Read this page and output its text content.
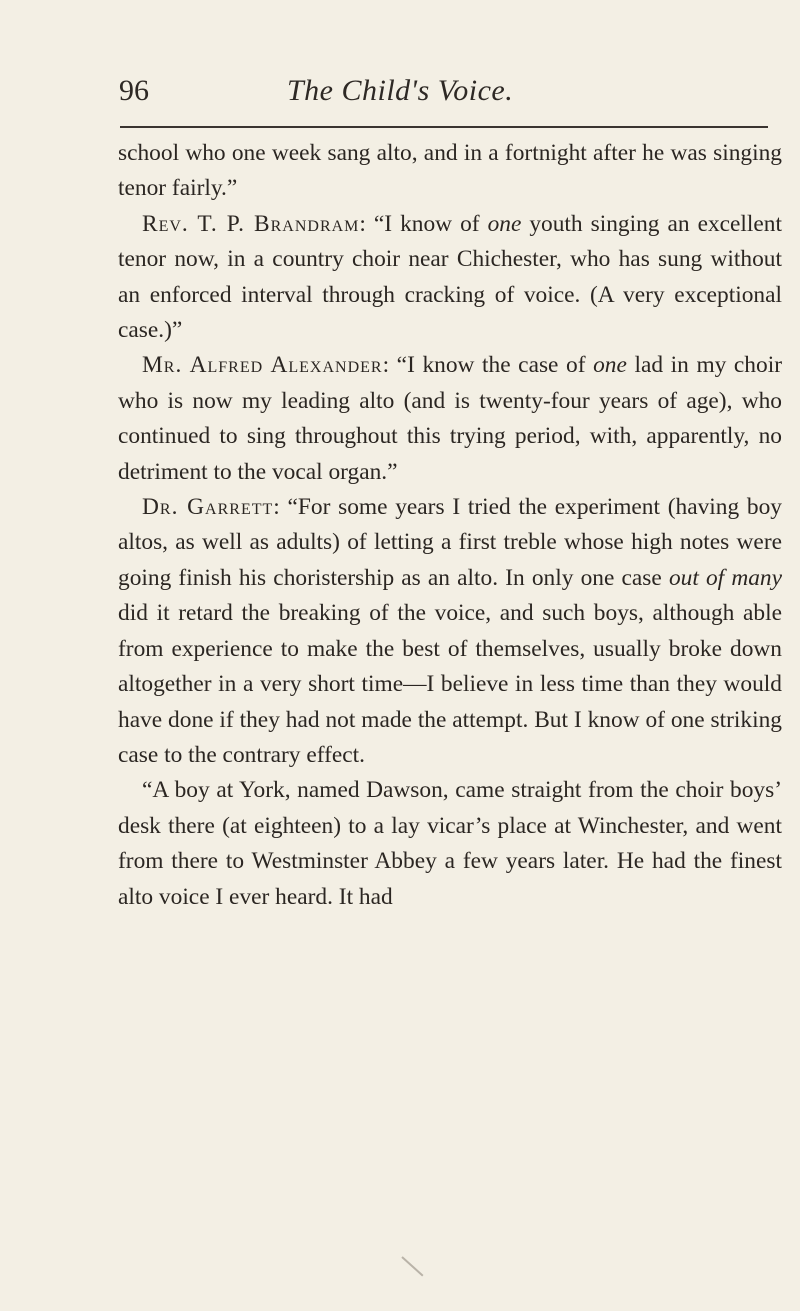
96	The Child's Voice.

school who one week sang alto, and in a fortnight after he was singing tenor fairly.”

Rev. T. P. Brandram: “I know of one youth singing an excellent tenor now, in a country choir near Chichester, who has sung without an enforced interval through cracking of voice. (A very exceptional case.)”

Mr. Alfred Alexander: “I know the case of one lad in my choir who is now my leading alto (and is twenty-four years of age), who continued to sing throughout this trying period, with, apparently, no detriment to the vocal organ.”

Dr. Garrett: “For some years I tried the experiment (having boy altos, as well as adults) of letting a first treble whose high notes were going finish his choristership as an alto. In only one case out of many did it retard the breaking of the voice, and such boys, although able from experience to make the best of themselves, usually broke down altogether in a very short time—I believe in less time than they would have done if they had not made the attempt. But I know of one striking case to the contrary effect.

“A boy at York, named Dawson, came straight from the choir boys’ desk there (at eighteen) to a lay vicar’s place at Winchester, and went from there to Westminster Abbey a few years later. He had the finest alto voice I ever heard. It had
